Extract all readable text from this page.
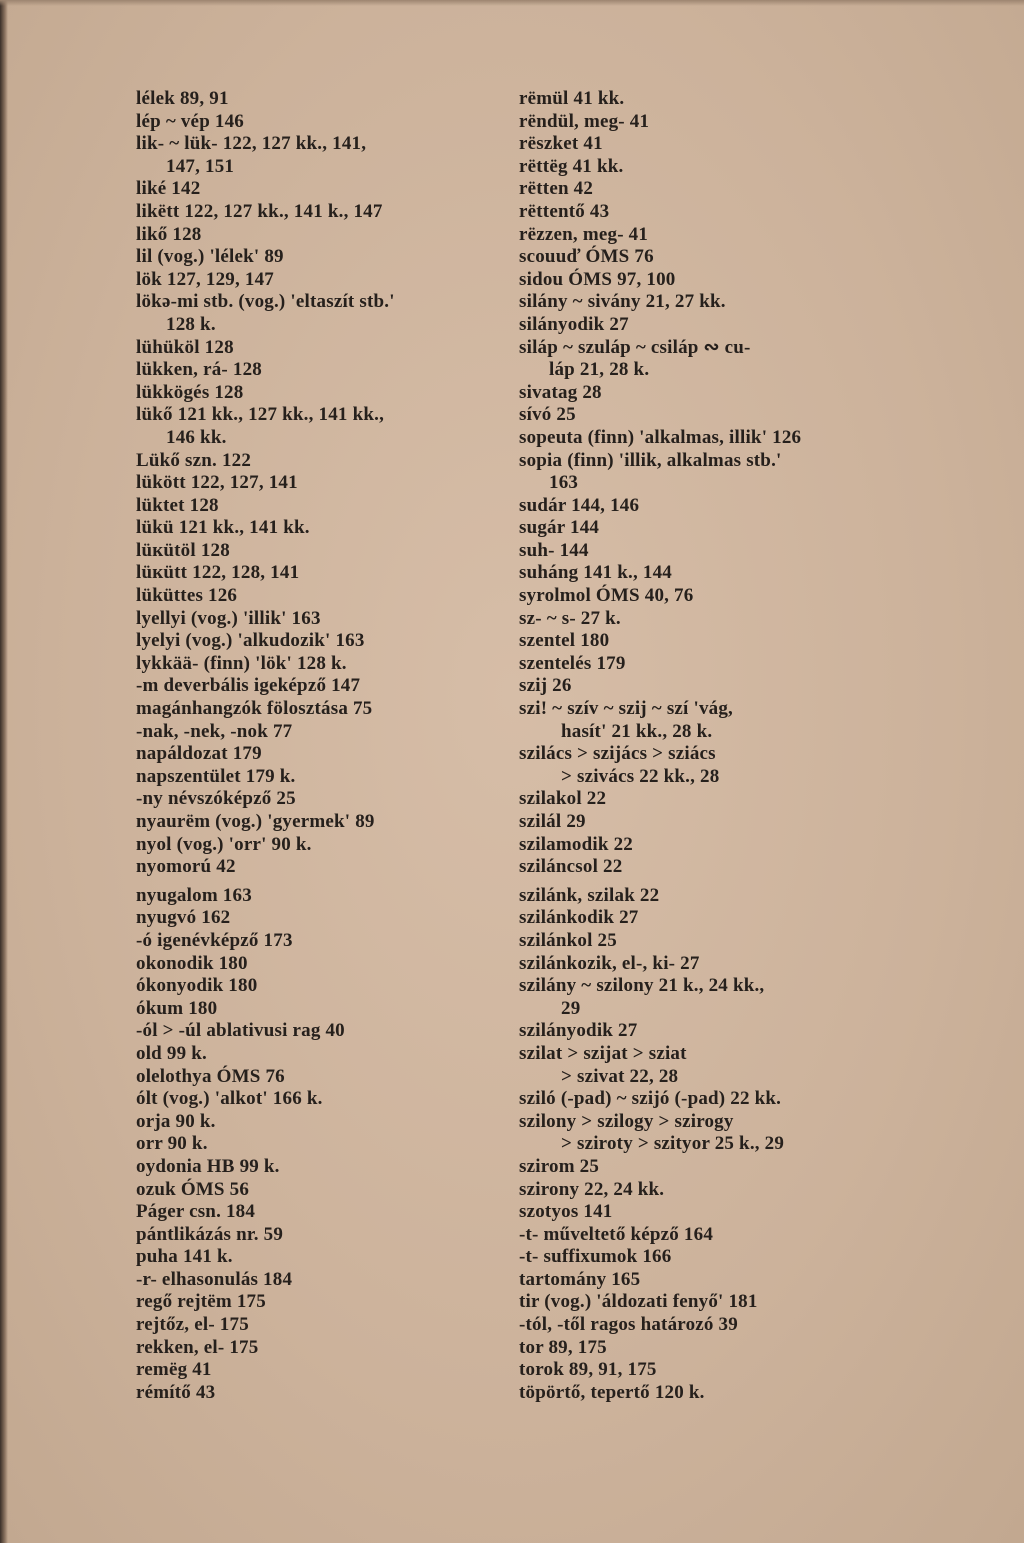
lélek 89, 91
lép ~ vép 146
lik- ~ lük- 122, 127 kk., 141,
147, 151
liké 142
likëtt 122, 127 kk., 141 k., 147
likő 128
lil (vog.) 'lélek' 89
lök 127, 129, 147
lökə-mi stb. (vog.) 'eltaszít stb.'
128 k.
lühüköl 128
lükken, rá- 128
lükkögés 128
lükő 121 kk., 127 kk., 141 kk.,
146 kk.
Lükő szn. 122
lükött 122, 127, 141
lüktet 128
lükü 121 kk., 141 kk.
lüкütöl 128
lüкütt 122, 128, 141
lüküttes 126
lyellyi (vog.) 'illik' 163
lyelyi (vog.) 'alkudozik' 163
lykkää- (finn) 'lök' 128 k.
-m deverbális igeképző 147
magánhangzók fölosztása 75
-nak, -nek, -nok 77
napáldozat 179
napszentület 179 k.
-ny névszóképző 25
nyaurëm (vog.) 'gyermek' 89
nyol (vog.) 'orr' 90 k.
nyomorú 42
nyugalom 163
nyugvó 162
-ó igenévképző 173
okonodik 180
ókonyodik 180
ókum 180
-ól > -úl ablativusi rag 40
old 99 k.
olelothya ÓMS 76
ólt (vog.) 'alkot' 166 k.
orja 90 k.
orr 90 k.
oydonia HB 99 k.
ozuk ÓMS 56
Páger csn. 184
pántlikázás nr. 59
puha 141 k.
-r- elhasonulás 184
regő rejtëm 175
rejtőz, el- 175
rekken, el- 175
remëg 41
rémítő 43
rëmül 41 kk.
rëndül, meg- 41
rëszket 41
rëttëg 41 kk.
rëtten 42
rëttentő 43
rëzzen, meg- 41
scouuď ÓMS 76
sidou ÓMS 97, 100
silány ~ sivány 21, 27 kk.
silányodik 27
siláp ~ szuláp ~ csiláp ∾ cu-
láp 21, 28 k.
sivatag 28
sívó 25
sopeuta (finn) 'alkalmas, illik' 126
sopia (finn) 'illik, alkalmas stb.'
163
sudár 144, 146
sugár 144
suh- 144
suháng 141 k., 144
syrolmol ÓMS 40, 76
sz- ~ s- 27 k.
szentel 180
szentelés 179
szij 26
szi! ~ szív ~ szij ~ szí 'vág,
hasít' 21 kk., 28 k.
szilács > szijács > sziács
> szivács 22 kk., 28
szilakol 22
szilál 29
szilamodik 22
sziláncsol 22
szilánk, szilak 22
szilánkodik 27
szilánkol 25
szilánkozik, el-, ki- 27
szilány ~ szilony 21 k., 24 kk.,
29
szilányodik 27
szilat > szijat > sziat
> szivat 22, 28
sziló (-pad) ~ szijó (-pad) 22 kk.
szilony > szilogy > szirogy
> sziroty > szityor 25 k., 29
szirom 25
szirony 22, 24 kk.
szotyos 141
-t- műveltető képző 164
-t- suffixumok 166
tartomány 165
tir (vog.) 'áldozati fenyő' 181
-tól, -től ragos határozó 39
tor 89, 175
torok 89, 91, 175
töpörtő, tepertő 120 k.
